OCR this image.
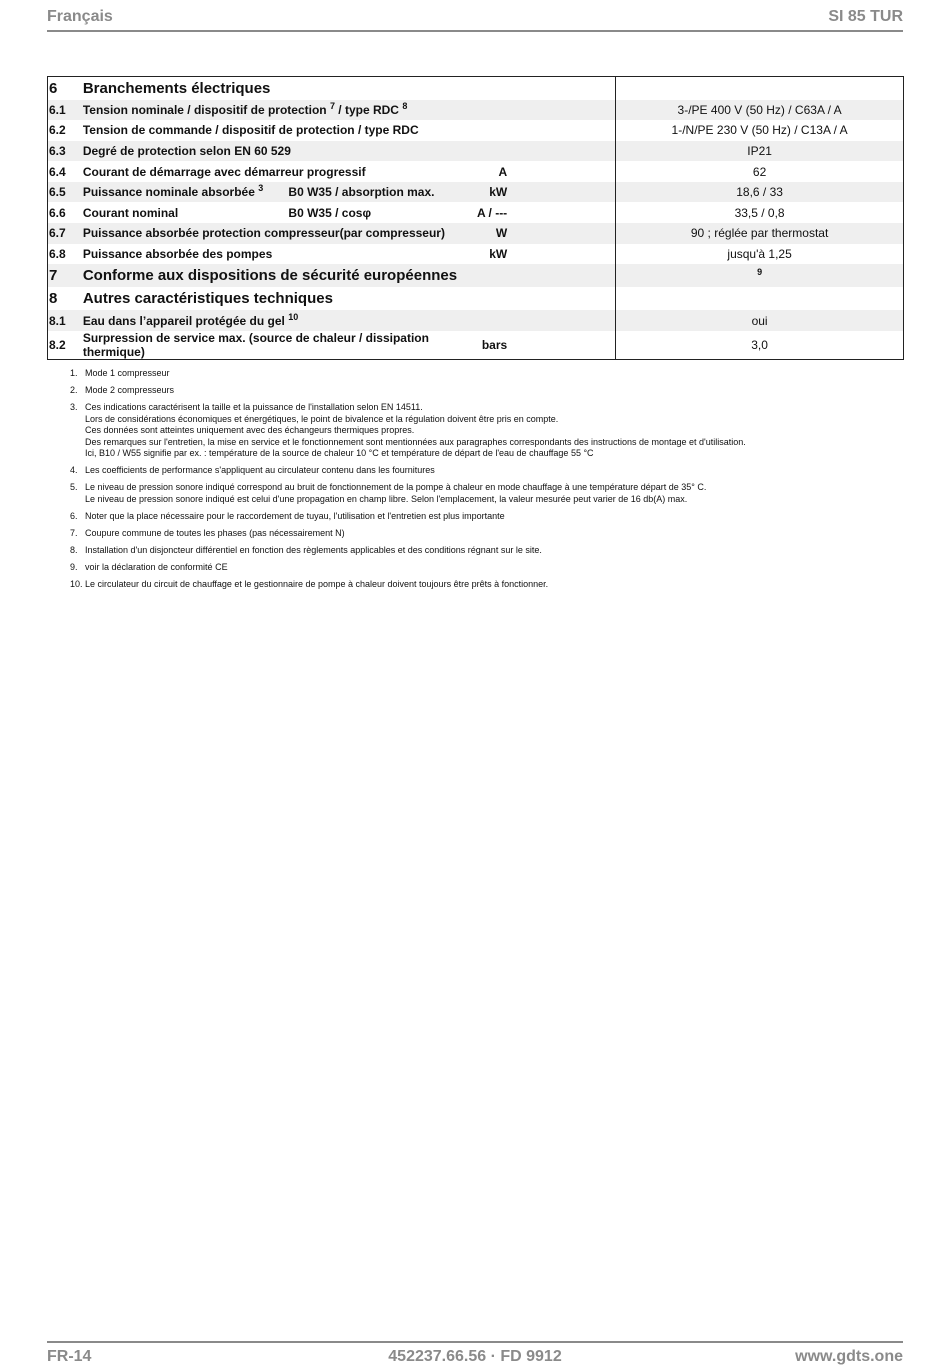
Français	SI 85 TUR
6	Branchements électriques			
6.1	Tension nominale / dispositif de protection $^7$ / type RDC $^8$			3-/PE 400 V (50 Hz) / C63A / A
6.2	Tension de commande / dispositif de protection / type RDC			1-/N/PE 230 V (50 Hz) / C13A / A
6.3	Degré de protection selon EN 60 529			IP21
6.4	Courant de démarrage avec démarreur progressif		A	62
6.5	Puissance nominale absorbée $^3$	B0 W35 / absorption max.	kW	18,6 / 33
6.6	Courant nominal	B0 W35 / cosφ	A / ---	33,5 / 0,8
6.7	Puissance absorbée protection compresseur(par compresseur)		W	90 ; réglée par thermostat
6.8	Puissance absorbée des pompes		kW	jusqu'à 1,25
7	Conforme aux dispositions de sécurité européennes			$^9$
8	Autres caractéristiques techniques			
8.1	Eau dans l’appareil protégée du gel $^{10}$			oui
8.2	Surpression de service max. (source de chaleur / dissipation thermique)		bars	3,0
1. Mode 1 compresseur
2. Mode 2 compresseurs
3. Ces indications caractérisent la taille et la puissance de l'installation selon EN 14511.
Lors de considérations économiques et énergétiques, le point de bivalence et la régulation doivent être pris en compte.
Ces données sont atteintes uniquement avec des échangeurs thermiques propres.
Des remarques sur l'entretien, la mise en service et le fonctionnement sont mentionnées aux paragraphes correspondants des instructions de montage et d'utilisation.
Ici, B10 / W55 signifie par ex. : température de la source de chaleur 10 °C et température de départ de l'eau de chauffage 55 °C
4. Les coefficients de performance s'appliquent au circulateur contenu dans les fournitures
5. Le niveau de pression sonore indiqué correspond au bruit de fonctionnement de la pompe à chaleur en mode chauffage à une température départ de 35° C.
Le niveau de pression sonore indiqué est celui d'une propagation en champ libre. Selon l'emplacement, la valeur mesurée peut varier de 16 db(A) max.
6. Noter que la place nécessaire pour le raccordement de tuyau, l'utilisation et l'entretien est plus importante
7. Coupure commune de toutes les phases (pas nécessairement N)
8. Installation d'un disjoncteur différentiel en fonction des règlements applicables et des conditions régnant sur le site.
9. voir la déclaration de conformité CE
10. Le circulateur du circuit de chauffage et le gestionnaire de pompe à chaleur doivent toujours être prêts à fonctionner.
FR-14	452237.66.56 · FD 9912	www.gdts.one
